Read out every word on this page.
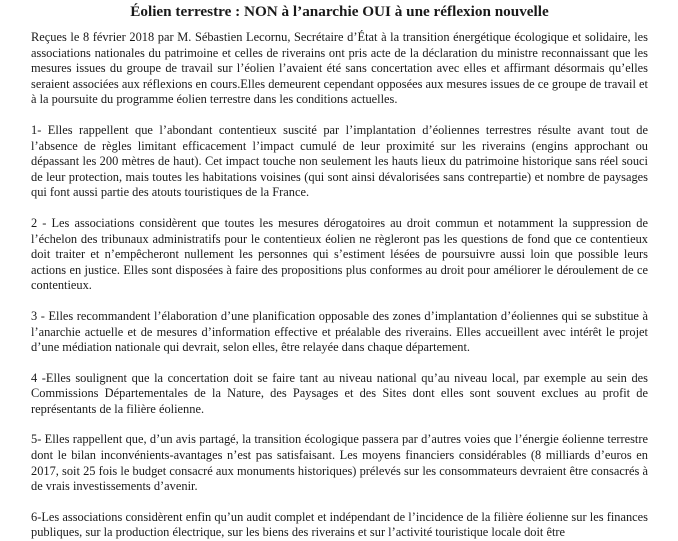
Éolien terrestre : NON à l’anarchie OUI à une réflexion nouvelle

Reçues le 8 février 2018 par M. Sébastien Lecornu, Secrétaire d’État à la transition énergétique écologique et solidaire, les associations nationales du patrimoine et celles de riverains ont pris acte de la déclaration du ministre reconnaissant que les mesures issues du groupe de travail sur l’éolien l’avaient été sans concertation avec elles et affirmant désormais qu’elles seraient associées aux réflexions en cours.Elles demeurent cependant opposées aux mesures issues de ce groupe de travail et à la poursuite du programme éolien terrestre dans les conditions actuelles.

1- Elles rappellent que l’abondant contentieux suscité par l’implantation d’éoliennes terrestres résulte avant tout de l’absence de règles limitant efficacement l’impact cumulé de leur proximité sur les riverains (engins approchant ou dépassant les 200 mètres de haut). Cet impact touche non seulement les hauts lieux du patrimoine historique sans réel souci de leur protection, mais toutes les habitations voisines (qui sont ainsi dévalorisées sans contrepartie) et nombre de paysages qui font aussi partie des atouts touristiques de la France.

2 - Les associations considèrent que toutes les mesures dérogatoires au droit commun et notamment la suppression de l’échelon des tribunaux administratifs pour le contentieux éolien ne règleront pas les questions de fond que ce contentieux doit traiter et n’empêcheront nullement les personnes qui s’estiment lésées de poursuivre aussi loin que possible leurs actions en justice. Elles sont disposées à faire des propositions plus conformes au droit pour améliorer le déroulement de ce contentieux.

3 - Elles recommandent l’élaboration d’une planification opposable des zones d’implantation d’éoliennes qui se substitue à l’anarchie actuelle et de mesures d’information effective et préalable des riverains. Elles accueillent avec intérêt le projet d’une médiation nationale qui devrait, selon elles, être relayée dans chaque département.

4 -Elles soulignent que la concertation doit se faire tant au niveau national qu’au niveau local, par exemple au sein des Commissions Départementales de la Nature, des Paysages et des Sites dont elles sont souvent exclues au profit de représentants de la filière éolienne.

5- Elles rappellent que, d’un avis partagé, la transition écologique passera par d’autres voies que l’énergie éolienne terrestre dont le bilan inconvénients-avantages n’est pas satisfaisant. Les moyens financiers considérables (8 milliards d’euros en 2017, soit 25 fois le budget consacré aux monuments historiques) prélevés sur les consommateurs devraient être consacrés à de vrais investissements d’avenir.

6-Les associations considèrent enfin qu’un audit complet et indépendant de l’incidence de la filière éolienne sur les finances publiques, sur la production électrique, sur les biens des riverains et sur l’activité touristique locale doit être
